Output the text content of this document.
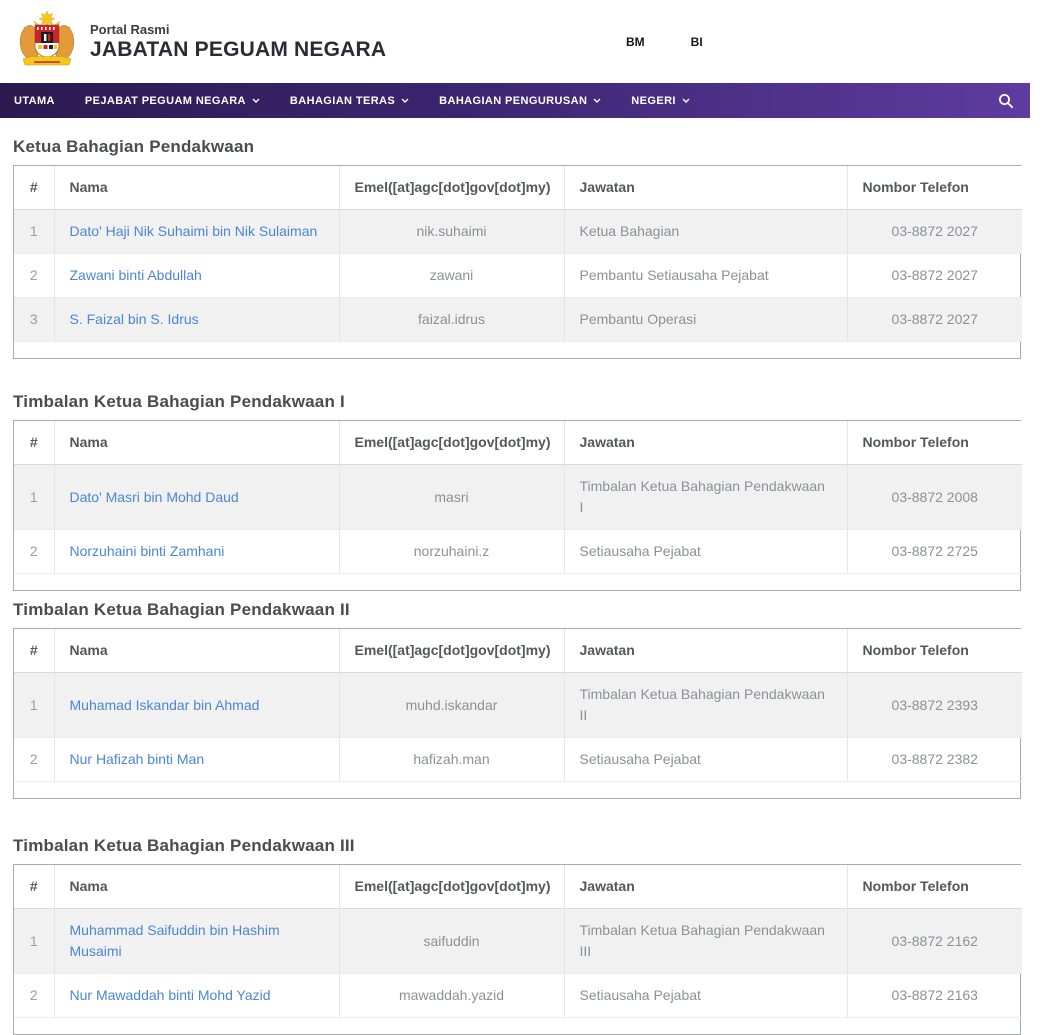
Portal Rasmi
JABATAN PEGUAM NEGARA	BM	BI
UTAMA	PEJABAT PEGUAM NEGARA	BAHAGIAN TERAS	BAHAGIAN PENGURUSAN	NEGERI
Ketua Bahagian Pendakwaan
#	Nama	Emel([at]agc[dot]gov[dot]my)	Jawatan	Nombor Telefon
1	Dato' Haji Nik Suhaimi bin Nik Sulaiman	nik.suhaimi	Ketua Bahagian	03-8872 2027
2	Zawani binti Abdullah	zawani	Pembantu Setiausaha Pejabat	03-8872 2027
3	S. Faizal bin S. Idrus	faizal.idrus	Pembantu Operasi	03-8872 2027
Timbalan Ketua Bahagian Pendakwaan I
#	Nama	Emel([at]agc[dot]gov[dot]my)	Jawatan	Nombor Telefon
1	Dato' Masri bin Mohd Daud	masri	Timbalan Ketua Bahagian Pendakwaan I	03-8872 2008
2	Norzuhaini binti Zamhani	norzuhaini.z	Setiausaha Pejabat	03-8872 2725
Timbalan Ketua Bahagian Pendakwaan II
#	Nama	Emel([at]agc[dot]gov[dot]my)	Jawatan	Nombor Telefon
1	Muhamad Iskandar bin Ahmad	muhd.iskandar	Timbalan Ketua Bahagian Pendakwaan II	03-8872 2393
2	Nur Hafizah binti Man	hafizah.man	Setiausaha Pejabat	03-8872 2382
Timbalan Ketua Bahagian Pendakwaan III
#	Nama	Emel([at]agc[dot]gov[dot]my)	Jawatan	Nombor Telefon
1	Muhammad Saifuddin bin Hashim Musaimi	saifuddin	Timbalan Ketua Bahagian Pendakwaan III	03-8872 2162
2	Nur Mawaddah binti Mohd Yazid	mawaddah.yazid	Setiausaha Pejabat	03-8872 2163
